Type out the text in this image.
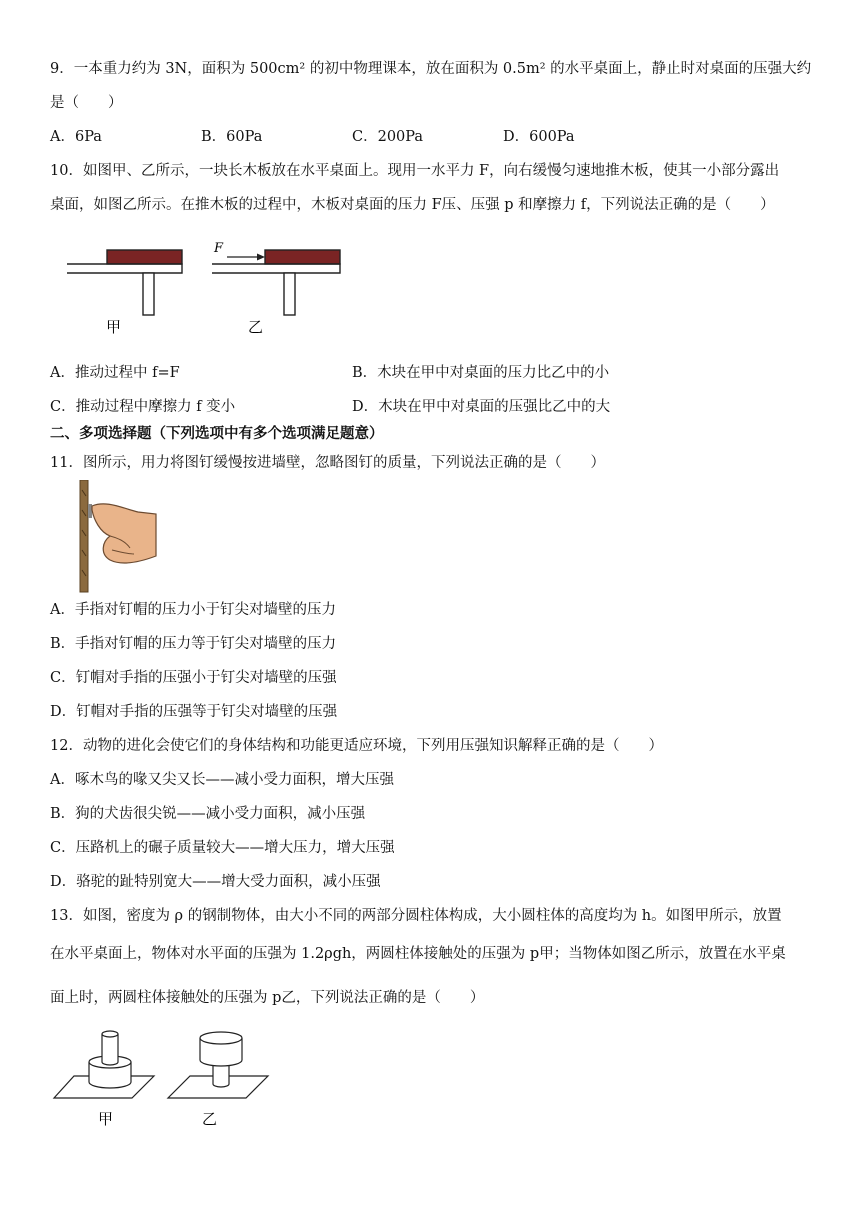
9．一本重力约为 3N，面积为 500cm² 的初中物理课本，放在面积为 0.5m² 的水平桌面上，静止时对桌面的压强大约
是（　　）
A．6Pa	B．60Pa	C．200Pa	D．600Pa
10．如图甲、乙所示，一块长木板放在水平桌面上。现用一水平力 F，向右缓慢匀速地推木板，使其一小部分露出
桌面，如图乙所示。在推木板的过程中，木板对桌面的压力 F压、压强 p 和摩擦力 f，下列说法正确的是（　　）
甲
F
乙
A．推动过程中 f=F	B．木块在甲中对桌面的压力比乙中的小
C．推动过程中摩擦力 f 变小	D．木块在甲中对桌面的压强比乙中的大
二、多项选择题（下列选项中有多个选项满足题意）
11．图所示，用力将图钉缓慢按进墙壁，忽略图钉的质量，下列说法正确的是（　　）
A．手指对钉帽的压力小于钉尖对墙壁的压力
B．手指对钉帽的压力等于钉尖对墙壁的压力
C．钉帽对手指的压强小于钉尖对墙壁的压强
D．钉帽对手指的压强等于钉尖对墙壁的压强
12．动物的进化会使它们的身体结构和功能更适应环境，下列用压强知识解释正确的是（　　）
A．啄木鸟的喙又尖又长——减小受力面积，增大压强
B．狗的犬齿很尖锐——减小受力面积，减小压强
C．压路机上的碾子质量较大——增大压力，增大压强
D．骆驼的趾特别宽大——增大受力面积，减小压强
13．如图，密度为 ρ 的钢制物体，由大小不同的两部分圆柱体构成，大小圆柱体的高度均为 h。如图甲所示，放置
在水平桌面上，物体对水平面的压强为 1.2ρgh，两圆柱体接触处的压强为 p甲；当物体如图乙所示，放置在水平桌
面上时，两圆柱体接触处的压强为 p乙，下列说法正确的是（　　）
甲	乙
